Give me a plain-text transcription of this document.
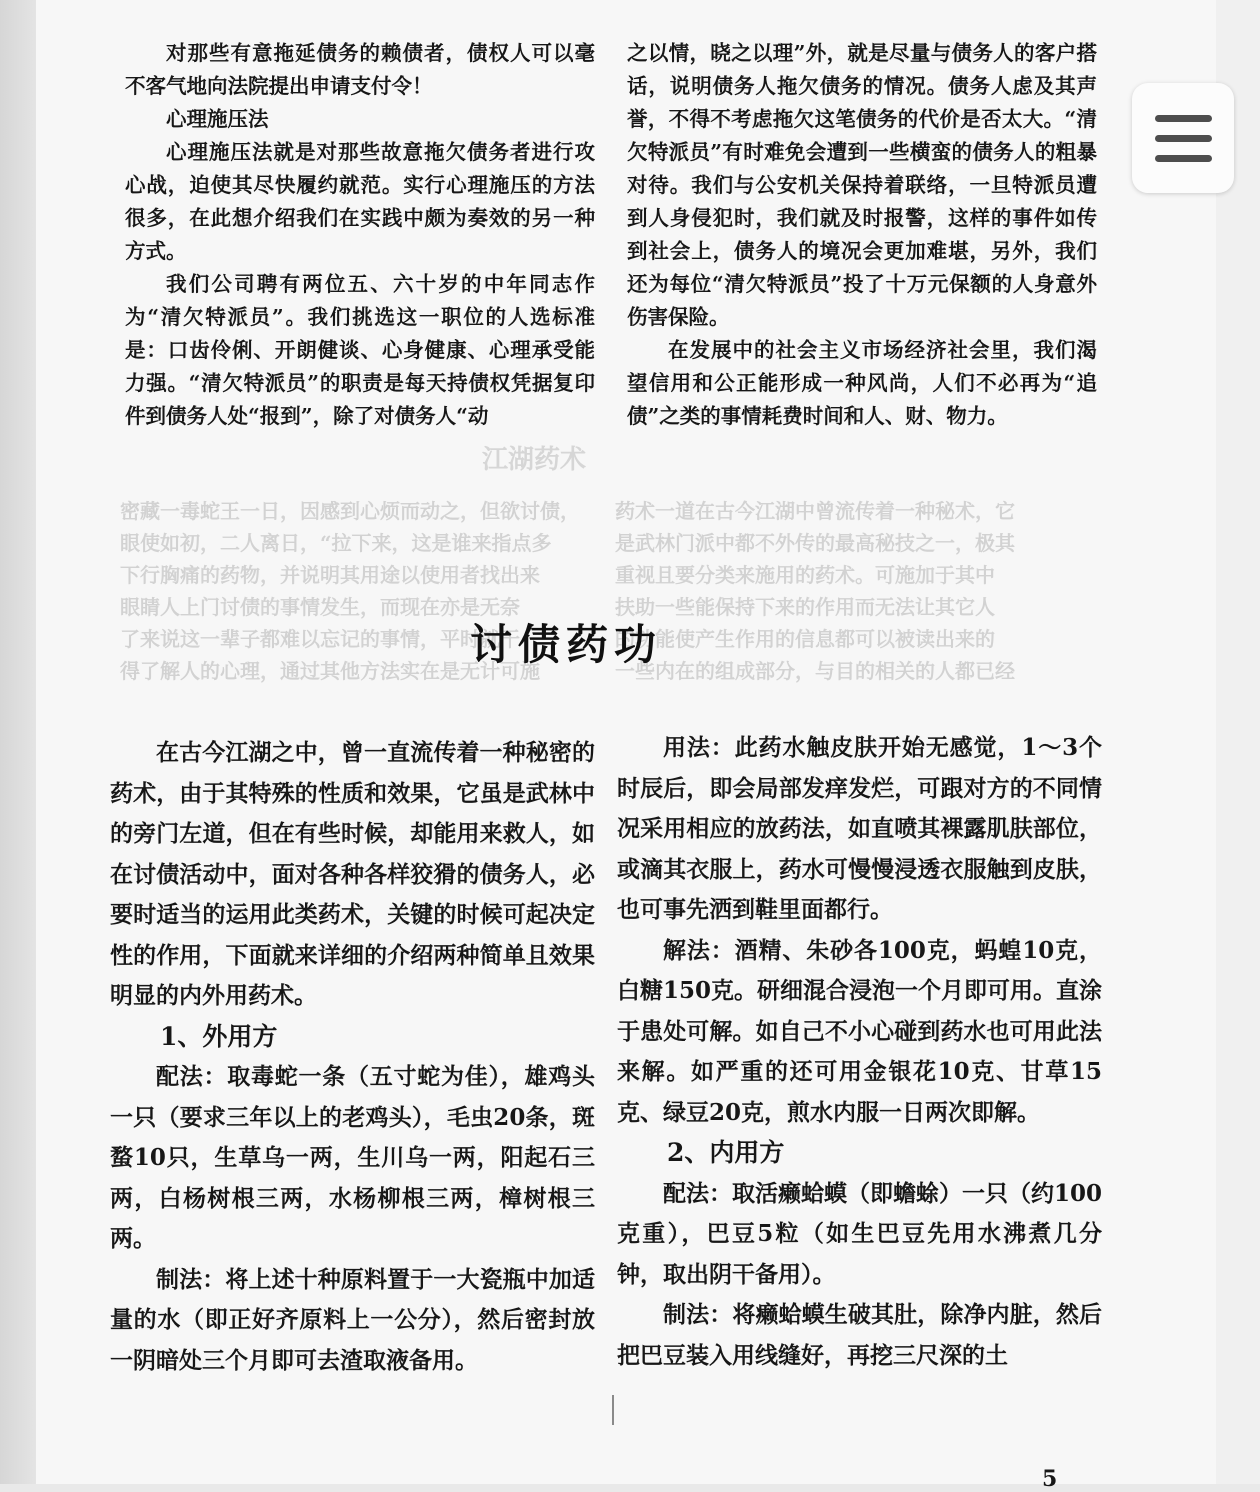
江湖药术
密藏一毒蛇王一日，因感到心烦而动之，但欲讨债，
眼使如初，二人离日，“拉下来，这是谁来指点多
下行胸痛的药物，并说明其用途以使用者找出来
眼睛人上门讨债的事情发生，而现在亦是无奈
了来说这一辈子都难以忘记的事情，平时就干
得了解人的心理，通过其他方法实在是无计可施
药术一道在古今江湖中曾流传着一种秘术，它
是武林门派中都不外传的最高秘技之一，极其
重视且要分类来施用的药术。可施加于其中
扶助一些能保持下来的作用而无法让其它人
的功能使产生作用的信息都可以被读出来的
一些内在的组成部分，与目的相关的人都已经

对那些有意拖延债务的赖债者，债权人可以毫不客气地向法院提出申请支付令！

心理施压法

心理施压法就是对那些故意拖欠债务者进行攻心战，迫使其尽快履约就范。实行心理施压的方法很多，在此想介绍我们在实践中颇为奏效的另一种方式。

我们公司聘有两位五、六十岁的中年同志作为“清欠特派员”。我们挑选这一职位的人选标准是：口齿伶俐、开朗健谈、心身健康、心理承受能力强。“清欠特派员”的职责是每天持债权凭据复印件到债务人处“报到”，除了对债务人“动

之以情，晓之以理”外，就是尽量与债务人的客户搭话，说明债务人拖欠债务的情况。债务人虑及其声誉，不得不考虑拖欠这笔债务的代价是否太大。“清欠特派员”有时难免会遭到一些横蛮的债务人的粗暴对待。我们与公安机关保持着联络，一旦特派员遭到人身侵犯时，我们就及时报警，这样的事件如传到社会上，债务人的境况会更加难堪，另外，我们还为每位“清欠特派员”投了十万元保额的人身意外伤害保险。

在发展中的社会主义市场经济社会里，我们渴望信用和公正能形成一种风尚，人们不必再为“追债”之类的事情耗费时间和人、财、物力。

讨债药功

在古今江湖之中，曾一直流传着一种秘密的药术，由于其特殊的性质和效果，它虽是武林中的旁门左道，但在有些时候，却能用来救人，如在讨债活动中，面对各种各样狡猾的债务人，必要时适当的运用此类药术，关键的时候可起决定性的作用，下面就来详细的介绍两种简单且效果明显的内外用药术。

1、外用方

配法：取毒蛇一条（五寸蛇为佳），雄鸡头一只（要求三年以上的老鸡头），毛虫20条，斑蝥10只，生草乌一两，生川乌一两，阳起石三两，白杨树根三两，水杨柳根三两，樟树根三两。

制法：将上述十种原料置于一大瓷瓶中加适量的水（即正好齐原料上一公分），然后密封放一阴暗处三个月即可去渣取液备用。

用法：此药水触皮肤开始无感觉，1～3个时辰后，即会局部发痒发烂，可跟对方的不同情况采用相应的放药法，如直喷其裸露肌肤部位，或滴其衣服上，药水可慢慢浸透衣服触到皮肤，也可事先洒到鞋里面都行。

解法：酒精、朱砂各100克，蚂蝗10克，白糖150克。研细混合浸泡一个月即可用。直涂于患处可解。如自己不小心碰到药水也可用此法来解。如严重的还可用金银花10克、甘草15克、绿豆20克，煎水内服一日两次即解。

2、内用方

配法：取活癞蛤蟆（即蟾蜍）一只（约100克重），巴豆5粒（如生巴豆先用水沸煮几分钟，取出阴干备用）。

制法：将癞蛤蟆生破其肚，除净内脏，然后把巴豆装入用线缝好，再挖三尺深的土

5
